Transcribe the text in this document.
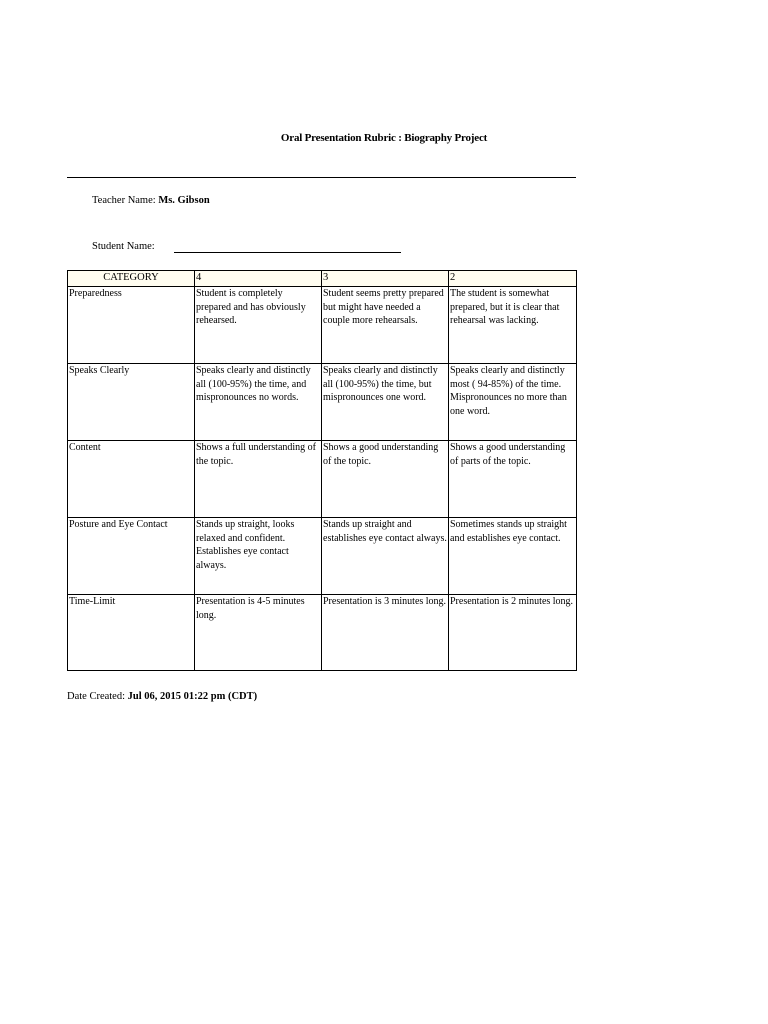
Oral Presentation Rubric : Biography Project
Teacher Name: Ms. Gibson
Student Name:
CATEGORY	4	3	2
Preparedness	Student is completely prepared and has obviously rehearsed.	Student seems pretty prepared but might have needed a couple more rehearsals.	The student is somewhat prepared, but it is clear that rehearsal was lacking.
Speaks Clearly	Speaks clearly and distinctly all (100-95%) the time, and mispronounces no words.	Speaks clearly and distinctly all (100-95%) the time, but mispronounces one word.	Speaks clearly and distinctly most ( 94-85%) of the time. Mispronounces no more than one word.
Content	Shows a full understanding of the topic.	Shows a good understanding of the topic.	Shows a good understanding of parts of the topic.
Posture and Eye Contact	Stands up straight, looks relaxed and confident. Establishes eye contact always.	Stands up straight and establishes eye contact always.	Sometimes stands up straight and establishes eye contact.
Time-Limit	Presentation is 4-5 minutes long.	Presentation is 3 minutes long.	Presentation is 2 minutes long.
Date Created: Jul 06, 2015 01:22 pm (CDT)
